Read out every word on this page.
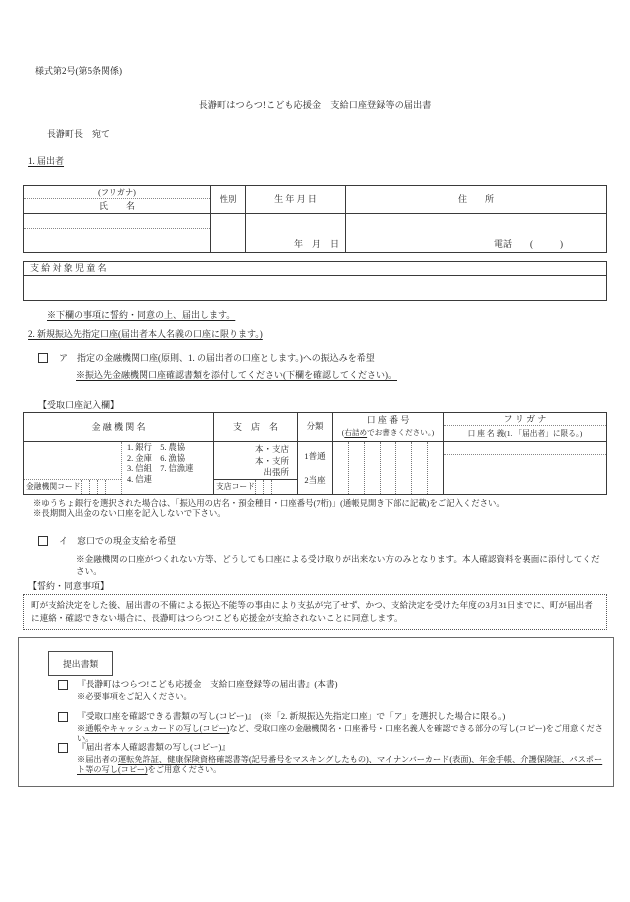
様式第2号(第5条関係)
長瀞町はつらつ!こども応援金　支給口座登録等の届出書
長瀞町長　宛て
1. 届出者
(フリガナ)
氏　　名
性別	生 年 月 日
年　月　日
住　　所
電話　　(　　　)
支 給 対 象 児 童 名
※下欄の事項に誓約・同意の上、届出します。
2. 新規振込先指定口座(届出者本人名義の口座に限ります。)
ア　指定の金融機関口座(原則、1. の届出者の口座とします。)への振込みを希望
※振込先金融機関口座確認書類を添付してください(下欄を確認してください)。
【受取口座記入欄】
金 融 機 関 名
1. 銀行　5. 農協
2. 金庫　6. 漁協
3. 信組　7. 信漁連
4. 信連
金融機関コード
支　店　名
本・支店
本・支所
出張所
支店コード
分類
1普通
2当座
口 座 番 号
(右詰めでお書きください。)
フ リ ガ ナ
口 座 名 義(1. 「届出者」に限る。)
※ゆうちょ銀行を選択された場合は、「振込用の店名・預金種目・口座番号(7桁)」(通帳見開き下部に記載)をご記入ください。
※長期間入出金のない口座を記入しないで下さい。
イ　窓口での現金支給を希望
※金融機関の口座がつくれない方等、どうしても口座による受け取りが出来ない方のみとなります。本人確認資料を裏面に添付してください。
【誓約・同意事項】
町が支給決定をした後、届出書の不備による振込不能等の事由により支払が完了せず、かつ、支給決定を受けた年度の3月31日までに、町が届出者に連絡・確認できない場合に、長瀞町はつらつ!こども応援金が支給されないことに同意します。
提出書類
『長瀞町はつらつ!こども応援金　支給口座登録等の届出書』(本書)
※必要事項をご記入ください。
『受取口座を確認できる書類の写し(コピー)』　(※「2. 新規振込先指定口座」で「ア」を選択した場合に限る。)
※通帳やキャッシュカードの写し(コピー)など、受取口座の金融機関名・口座番号・口座名義人を確認できる部分の写し(コピー)をご用意ください。
『届出者本人確認書類の写し(コピー)』
※届出者の運転免許証、健康保険資格確認書等(記号番号をマスキングしたもの)、マイナンバーカード(表面)、年金手帳、介護保険証、パスポート等の写し(コピー)をご用意ください。
